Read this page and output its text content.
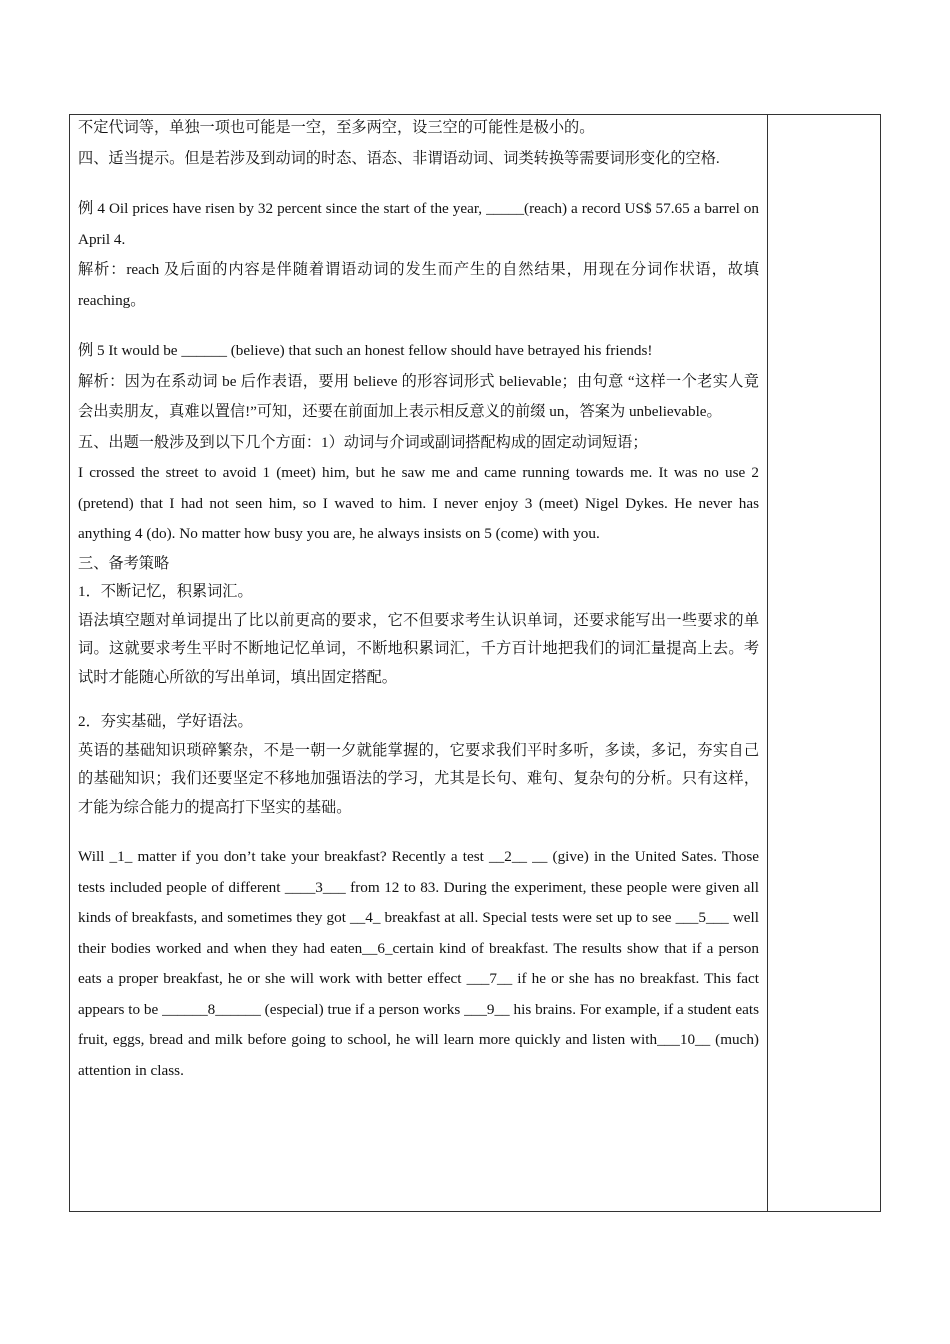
不定代词等，单独一项也可能是一空，至多两空，设三空的可能性是极小的。

四、适当提示。但是若涉及到动词的时态、语态、非谓语动词、词类转换等需要词形变化的空格.

例 4 Oil prices have risen by 32 percent since the start of the year, _____(reach) a record US$ 57.65 a barrel on April 4.

解析：reach 及后面的内容是伴随着谓语动词的发生而产生的自然结果，用现在分词作状语，故填 reaching。

例 5 It would be ______ (believe) that such an honest fellow should have betrayed his friends!

解析：因为在系动词 be 后作表语，要用 believe 的形容词形式 believable；由句意 “这样一个老实人竟会出卖朋友，真难以置信!”可知，还要在前面加上表示相反意义的前缀 un，答案为 unbelievable。

五、出题一般涉及到以下几个方面：1）动词与介词或副词搭配构成的固定动词短语；

I crossed the street to avoid 1 (meet) him, but he saw me and came running towards me. It was no use 2 (pretend) that I had not seen him, so I waved to him. I never enjoy 3 (meet) Nigel Dykes. He never has anything 4 (do). No matter how busy you are, he always insists on 5 (come) with you.

三、备考策略

1．不断记忆，积累词汇。

语法填空题对单词提出了比以前更高的要求，它不但要求考生认识单词，还要求能写出一些要求的单词。这就要求考生平时不断地记忆单词，不断地积累词汇，千方百计地把我们的词汇量提高上去。考试时才能随心所欲的写出单词，填出固定搭配。

2．夯实基础，学好语法。

英语的基础知识琐碎繁杂，不是一朝一夕就能掌握的，它要求我们平时多听，多读，多记，夯实自己的基础知识；我们还要坚定不移地加强语法的学习，尤其是长句、难句、复杂句的分析。只有这样，才能为综合能力的提高打下坚实的基础。

Will _1_ matter if you don’t take your breakfast? Recently a test __2__ __ (give) in the United Sates. Those tests included people of different ____3___ from 12 to 83. During the experiment, these people were given all kinds of breakfasts, and sometimes they got __4_ breakfast at all. Special tests were set up to see ___5___ well their bodies worked and when they had eaten__6_certain kind of breakfast. The results show that if a person eats a proper breakfast, he or she will work with better effect ___7__ if he or she has no breakfast. This fact appears to be ______8______ (especial) true if a person works ___9__ his brains. For example, if a student eats fruit, eggs, bread and milk before going to school, he will learn more quickly and listen with___10__ (much) attention in class.
